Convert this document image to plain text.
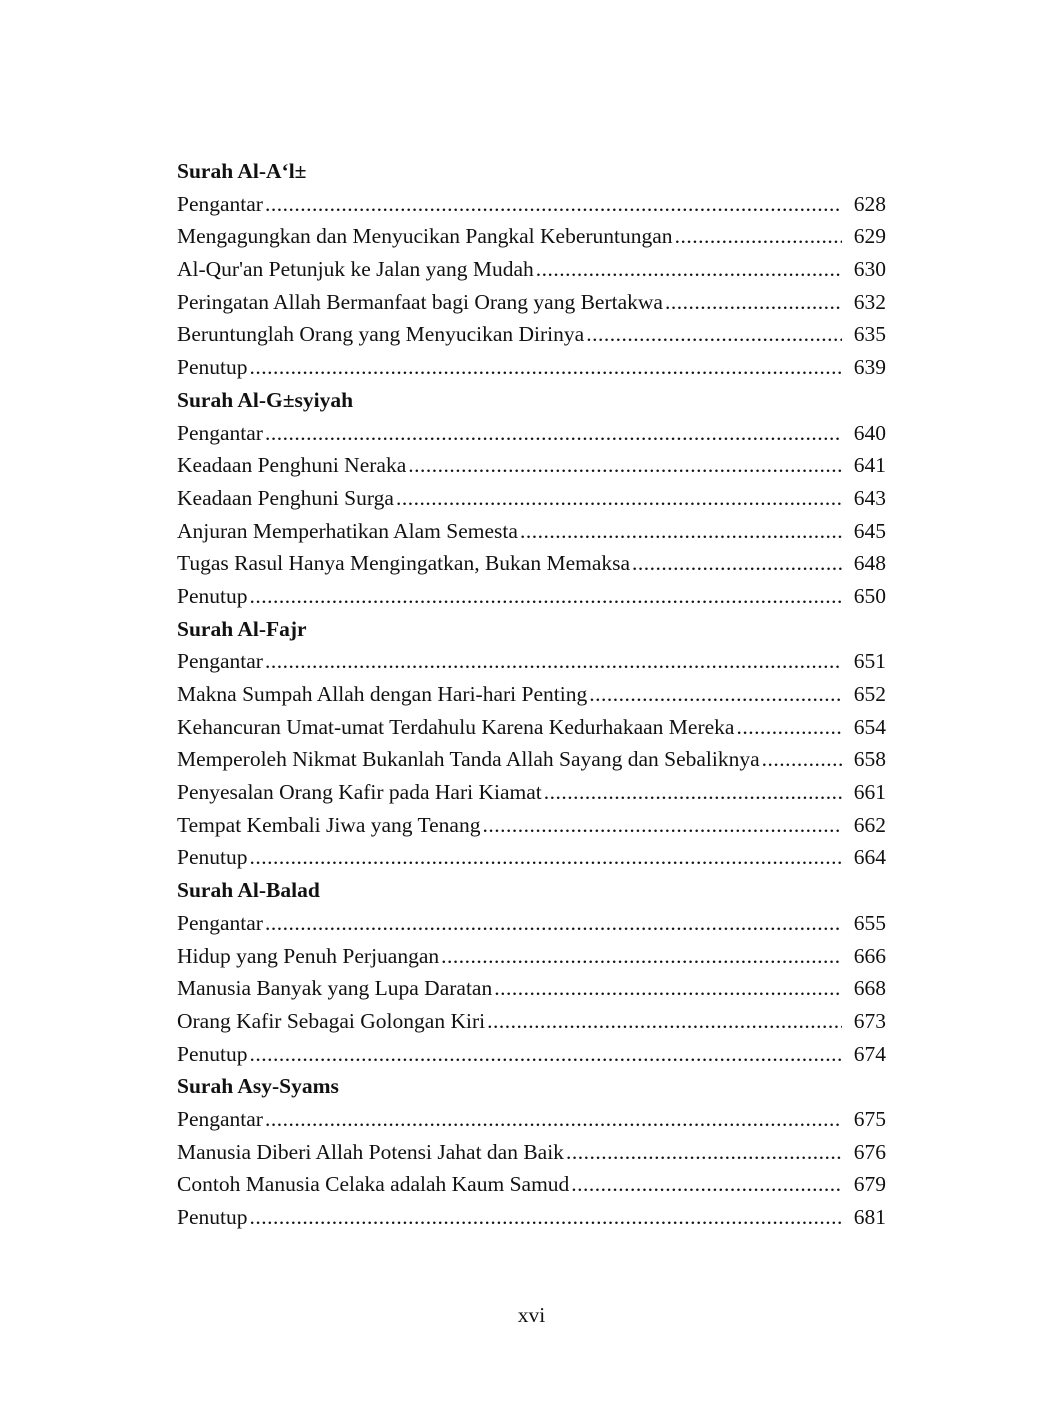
Surah Al-A‘l±
Pengantar .....	628
Mengagungkan dan Menyucikan Pangkal Keberuntungan .....	629
Al-Qur'an Petunjuk ke Jalan yang Mudah .....	630
Peringatan Allah Bermanfaat bagi Orang yang Bertakwa .....	632
Beruntunglah Orang yang Menyucikan Dirinya .....	635
Penutup .....	639
Surah Al-G±syiyah
Pengantar .....	640
Keadaan Penghuni Neraka .....	641
Keadaan Penghuni Surga .....	643
Anjuran Memperhatikan Alam Semesta .....	645
Tugas Rasul Hanya Mengingatkan, Bukan Memaksa .....	648
Penutup .....	650
Surah Al-Fajr
Pengantar .....	651
Makna Sumpah Allah dengan Hari-hari Penting .....	652
Kehancuran Umat-umat Terdahulu Karena Kedurhakaan Mereka .....	654
Memperoleh Nikmat Bukanlah Tanda Allah Sayang dan Sebaliknya .....	658
Penyesalan Orang Kafir pada Hari Kiamat .....	661
Tempat Kembali Jiwa yang Tenang .....	662
Penutup .....	664
Surah Al-Balad
Pengantar .....	655
Hidup yang Penuh Perjuangan .....	666
Manusia Banyak yang Lupa Daratan .....	668
Orang Kafir Sebagai Golongan Kiri .....	673
Penutup .....	674
Surah Asy-Syams
Pengantar .....	675
Manusia Diberi Allah Potensi Jahat dan Baik .....	676
Contoh Manusia Celaka adalah Kaum Samud .....	679
Penutup .....	681
xvi
